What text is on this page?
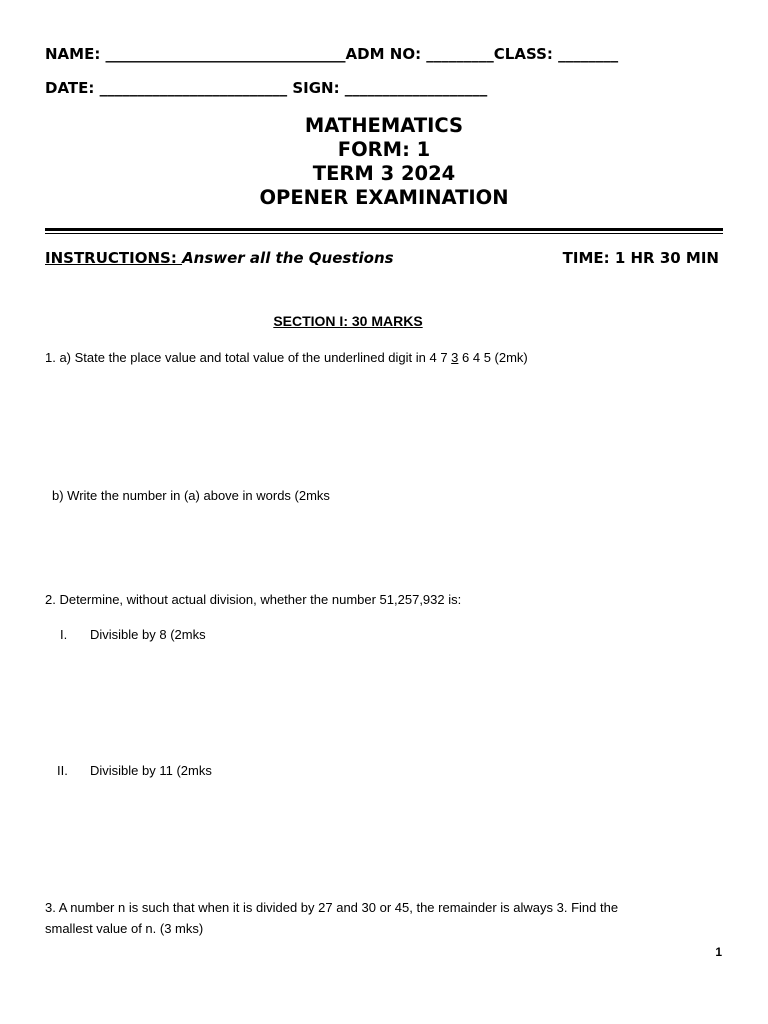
NAME: ________________________________ADM NO: _________CLASS: ________
DATE: _________________________ SIGN: ___________________
MATHEMATICS
FORM: 1
TERM 3 2024
OPENER EXAMINATION
INSTRUCTIONS: Answer all the Questions	TIME: 1 HR 30 MIN
SECTION I: 30 MARKS
1. a) State the place value and total value of the underlined digit in 4 7 3 6 4 5 (2mk)
b) Write the number in (a) above in words (2mks
2. Determine, without actual division, whether the number 51,257,932 is:
I. Divisible by 8 (2mks
II. Divisible by 11 (2mks
3. A number n is such that when it is divided by 27 and 30 or 45, the remainder is always 3. Find the
smallest value of n. (3 mks)
1
